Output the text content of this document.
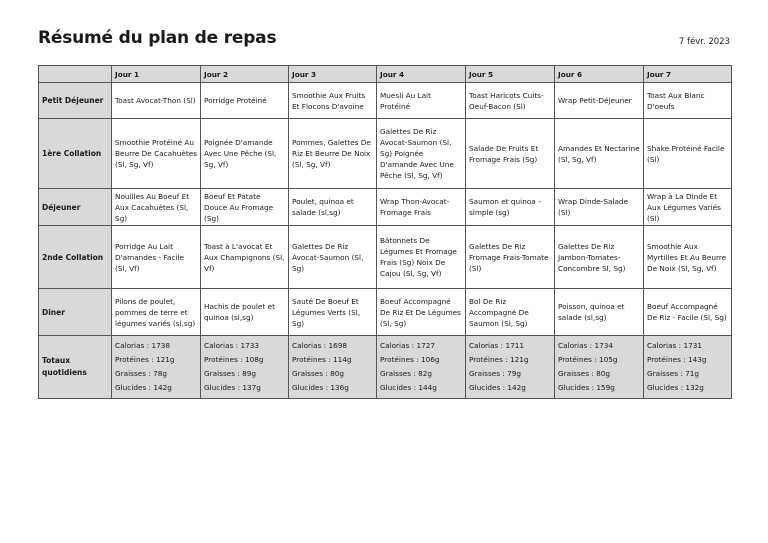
Résumé du plan de repas	7 févr. 2023
	Jour 1	Jour 2	Jour 3	Jour 4	Jour 5	Jour 6	Jour 7
Petit Déjeuner	Toast Avocat-Thon (Sl)	Porridge Protéiné	Smoothie Aux Fruits Et Flocons D'avoine	Muesli Au Lait Protéiné	Toast Haricots Cuits-Oeuf-Bacon (Sl)	Wrap Petit-Déjeuner	Toast Aux Blanc D'oeufs
1ère Collation	Smoothie Protéiné Au Beurre De Cacahuètes (Sl, Sg, Vf)	Poignée D'amande Avec Une Pêche (Sl, Sg, Vf)	Pommes, Galettes De Riz Et Beurre De Noix (Sl, Sg, Vf)	Galettes De Riz Avocat-Saumon (Sl, Sg) Poignée D'amande Avec Une Pêche (Sl, Sg, Vf)	Salade De Fruits Et Fromage Frais (Sg)	Amandes Et Nectarine (Sl, Sg, Vf)	Shake Protéiné Facile (Sl)
Déjeuner	Nouilles Au Boeuf Et Aux Cacahuètes (Sl, Sg)	Boeuf Et Patate Douce Au Fromage (Sg)	Poulet, quinoa et salade (sl,sg)	Wrap Thon-Avocat-Fromage Frais	Saumon et quinoa - simple (sg)	Wrap Dinde-Salade (Sl)	Wrap à La Dinde Et Aux Légumes Variés (Sl)
2nde Collation	Porridge Au Lait D'amandes - Facile (Sl, Vf)	Toast à L'avocat Et Aux Champignons (Sl, Vf)	Galettes De Riz Avocat-Saumon (Sl, Sg)	Bâtonnets De Légumes Et Fromage Frais (Sg) Noix De Cajou (Sl, Sg, Vf)	Galettes De Riz Fromage Frais-Tomate (Sl)	Galettes De Riz Jambon-Tomates-Concombre Sl, Sg)	Smoothie Aux Myrtilles Et Au Beurre De Noix (Sl, Sg, Vf)
Diner	Pilons de poulet, pommes de terre et légumes variés (sl,sg)	Hachis de poulet et quinoa (sl,sg)	Sauté De Boeuf Et Légumes Verts (Sl, Sg)	Boeuf Accompagné De Riz Et De Légumes (Sl, Sg)	Bol De Riz Accompagné De Saumon (Sl, Sg)	Poisson, quinoa et salade (sl,sg)	Boeuf Accompagné De Riz - Facile (Sl, Sg)
Totaux quotidiens	Calorias : 1738
Protéines : 121g
Graisses : 78g
Glucides : 142g	Calorias : 1733
Protéines : 108g
Graisses : 89g
Glucides : 137g	Calorias : 1698
Protéines : 114g
Graisses : 80g
Glucides : 136g	Calorias : 1727
Protéines : 106g
Graisses : 82g
Glucides : 144g	Calorias : 1711
Protéines : 121g
Graisses : 79g
Glucides : 142g	Calorias : 1734
Protéines : 105g
Graisses : 80g
Glucides : 159g	Calorias : 1731
Protéines : 143g
Graisses : 71g
Glucides : 132g
